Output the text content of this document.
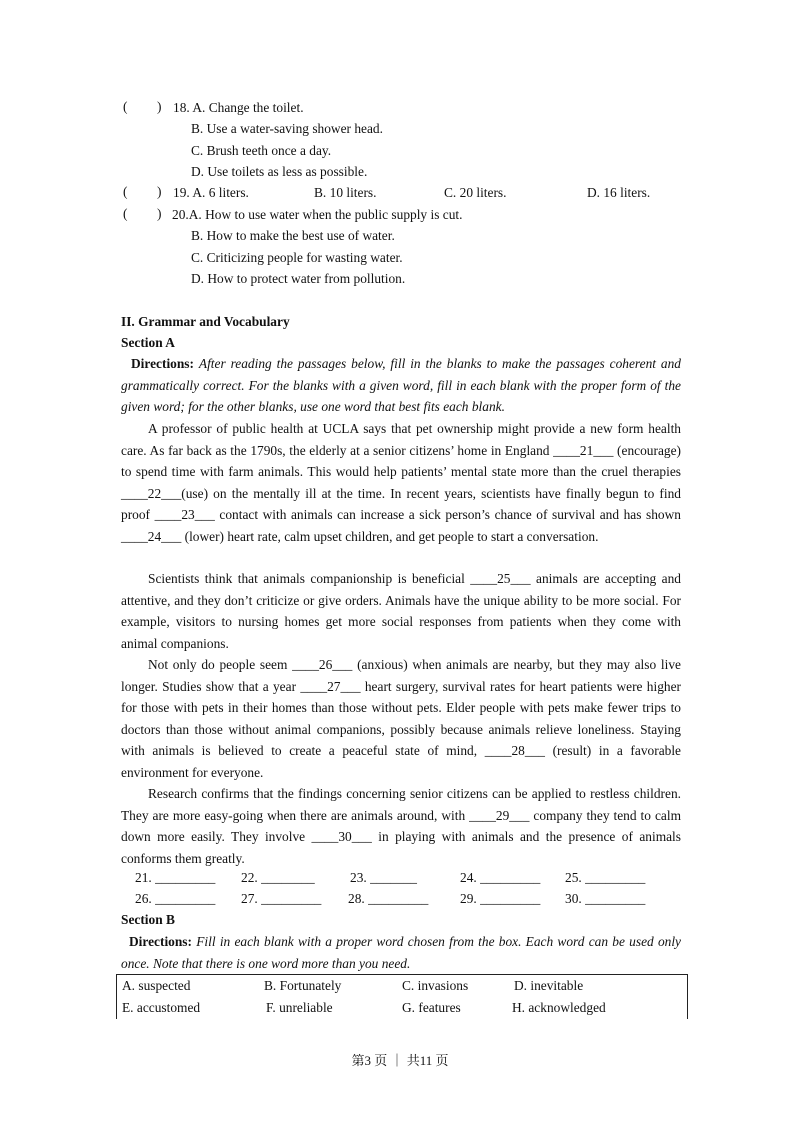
( ) 18. A. Change the toilet.
B. Use a water-saving shower head.
C. Brush teeth once a day.
D. Use toilets as less as possible.
( ) 19. A. 6 liters.	B. 10 liters.	C. 20 liters.	D. 16 liters.
( ) 20.A. How to use water when the public supply is cut.
B. How to make the best use of water.
C. Criticizing people for wasting water.
D. How to protect water from pollution.
II. Grammar and Vocabulary
Section A
Directions: After reading the passages below, fill in the blanks to make the passages coherent and grammatically correct. For the blanks with a given word, fill in each blank with the proper form of the given word; for the other blanks, use one word that best fits each blank.
A professor of public health at UCLA says that pet ownership might provide a new form health care. As far back as the 1790s, the elderly at a senior citizens’ home in England ____21___ (encourage) to spend time with farm animals. This would help patients’ mental state more than the cruel therapies ____22___(use) on the mentally ill at the time. In recent years, scientists have finally begun to find proof ____23___ contact with animals can increase a sick person’s chance of survival and has shown ____24___ (lower) heart rate, calm upset children, and get people to start a conversation.
Scientists think that animals companionship is beneficial ____25___ animals are accepting and attentive, and they don’t criticize or give orders. Animals have the unique ability to be more social. For example, visitors to nursing homes get more social responses from patients when they come with animal companions.
Not only do people seem ____26___ (anxious) when animals are nearby, but they may also live longer. Studies show that a year ____27___ heart surgery, survival rates for heart patients were higher for those with pets in their homes than those without pets. Elder people with pets make fewer trips to doctors than those without animal companions, possibly because animals relieve loneliness. Staying with animals is believed to create a peaceful state of mind, ____28___ (result) in a favorable environment for everyone.
Research confirms that the findings concerning senior citizens can be applied to restless children. They are more easy-going when there are animals around, with ____29___ company they tend to calm down more easily. They involve ____30___ in playing with animals and the presence of animals conforms them greatly.
21. _________ 22. ________	23. _______	24. _________ 25. _________
26. _________ 27. _________ 28. _________ 29. _________ 30. _________
Section B
Directions: Fill in each blank with a proper word chosen from the box. Each word can be used only once. Note that there is one word more than you need.
A. suspected	B. Fortunately	C. invasions	D. inevitable
E. accustomed	F. unreliable	G. features	H. acknowledged
第3 页 ｜ 共11 页
